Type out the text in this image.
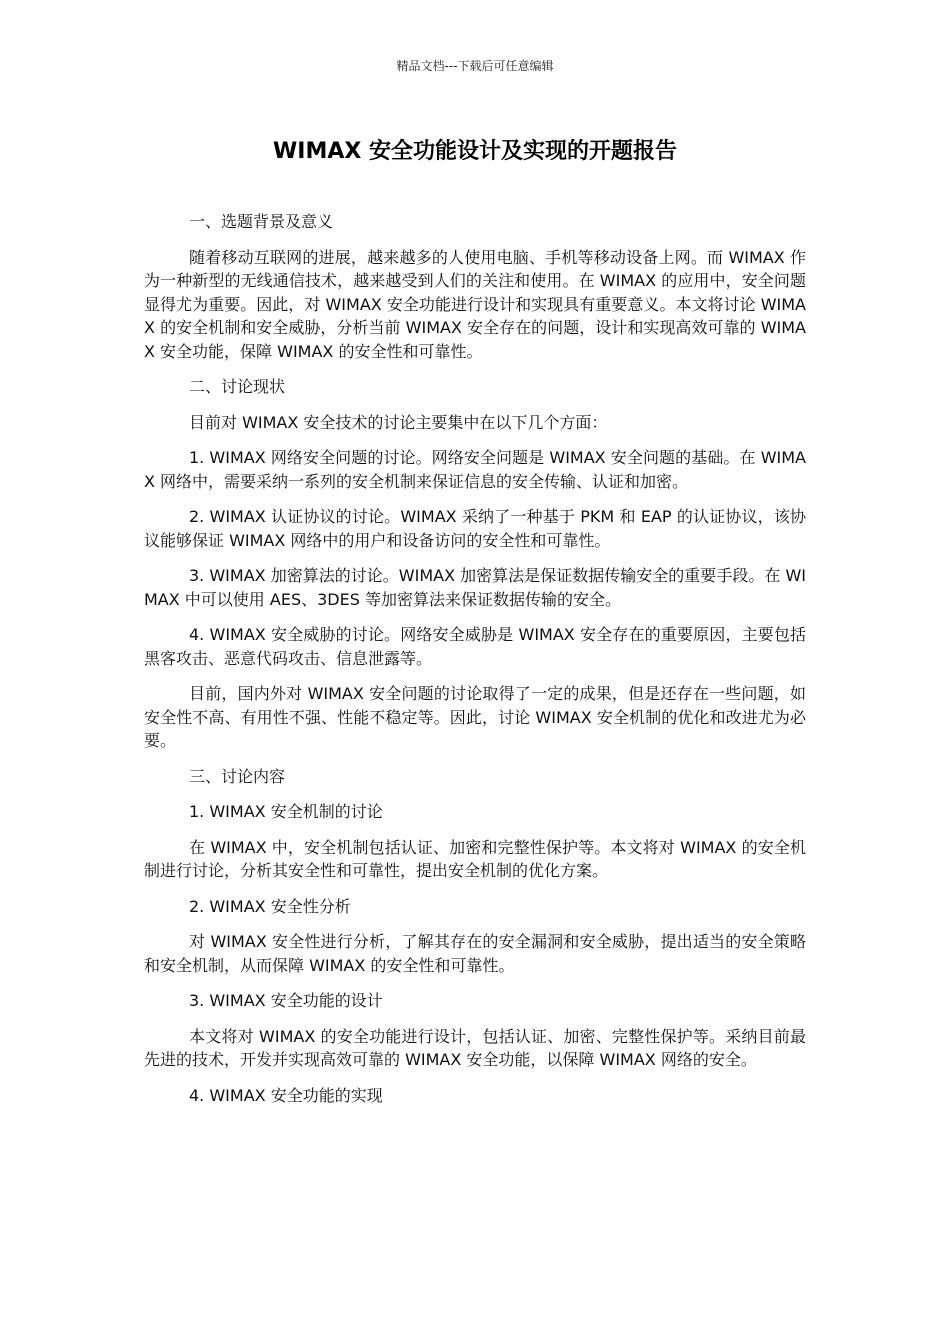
精品文档---下载后可任意编辑
WIMAX 安全功能设计及实现的开题报告

一、选题背景及意义

随着移动互联网的进展，越来越多的人使用电脑、手机等移动设备上网。而 WIMAX 作为一种新型的无线通信技术，越来越受到人们的关注和使用。在 WIMAX 的应用中，安全问题显得尤为重要。因此，对 WIMAX 安全功能进行设计和实现具有重要意义。本文将讨论 WIMAX 的安全机制和安全威胁，分析当前 WIMAX 安全存在的问题，设计和实现高效可靠的 WIMAX 安全功能，保障 WIMAX 的安全性和可靠性。

二、讨论现状

目前对 WIMAX 安全技术的讨论主要集中在以下几个方面：

1. WIMAX 网络安全问题的讨论。网络安全问题是 WIMAX 安全问题的基础。在 WIMAX 网络中，需要采纳一系列的安全机制来保证信息的安全传输、认证和加密。

2. WIMAX 认证协议的讨论。WIMAX 采纳了一种基于 PKM 和 EAP 的认证协议，该协议能够保证 WIMAX 网络中的用户和设备访问的安全性和可靠性。

3. WIMAX 加密算法的讨论。WIMAX 加密算法是保证数据传输安全的重要手段。在 WIMAX 中可以使用 AES、3DES 等加密算法来保证数据传输的安全。

4. WIMAX 安全威胁的讨论。网络安全威胁是 WIMAX 安全存在的重要原因，主要包括黑客攻击、恶意代码攻击、信息泄露等。

目前，国内外对 WIMAX 安全问题的讨论取得了一定的成果，但是还存在一些问题，如安全性不高、有用性不强、性能不稳定等。因此，讨论 WIMAX 安全机制的优化和改进尤为必要。

三、讨论内容

1. WIMAX 安全机制的讨论

在 WIMAX 中，安全机制包括认证、加密和完整性保护等。本文将对 WIMAX 的安全机制进行讨论，分析其安全性和可靠性，提出安全机制的优化方案。

2. WIMAX 安全性分析

对 WIMAX 安全性进行分析，了解其存在的安全漏洞和安全威胁，提出适当的安全策略和安全机制，从而保障 WIMAX 的安全性和可靠性。

3. WIMAX 安全功能的设计

本文将对 WIMAX 的安全功能进行设计，包括认证、加密、完整性保护等。采纳目前最先进的技术，开发并实现高效可靠的 WIMAX 安全功能，以保障 WIMAX 网络的安全。

4. WIMAX 安全功能的实现
